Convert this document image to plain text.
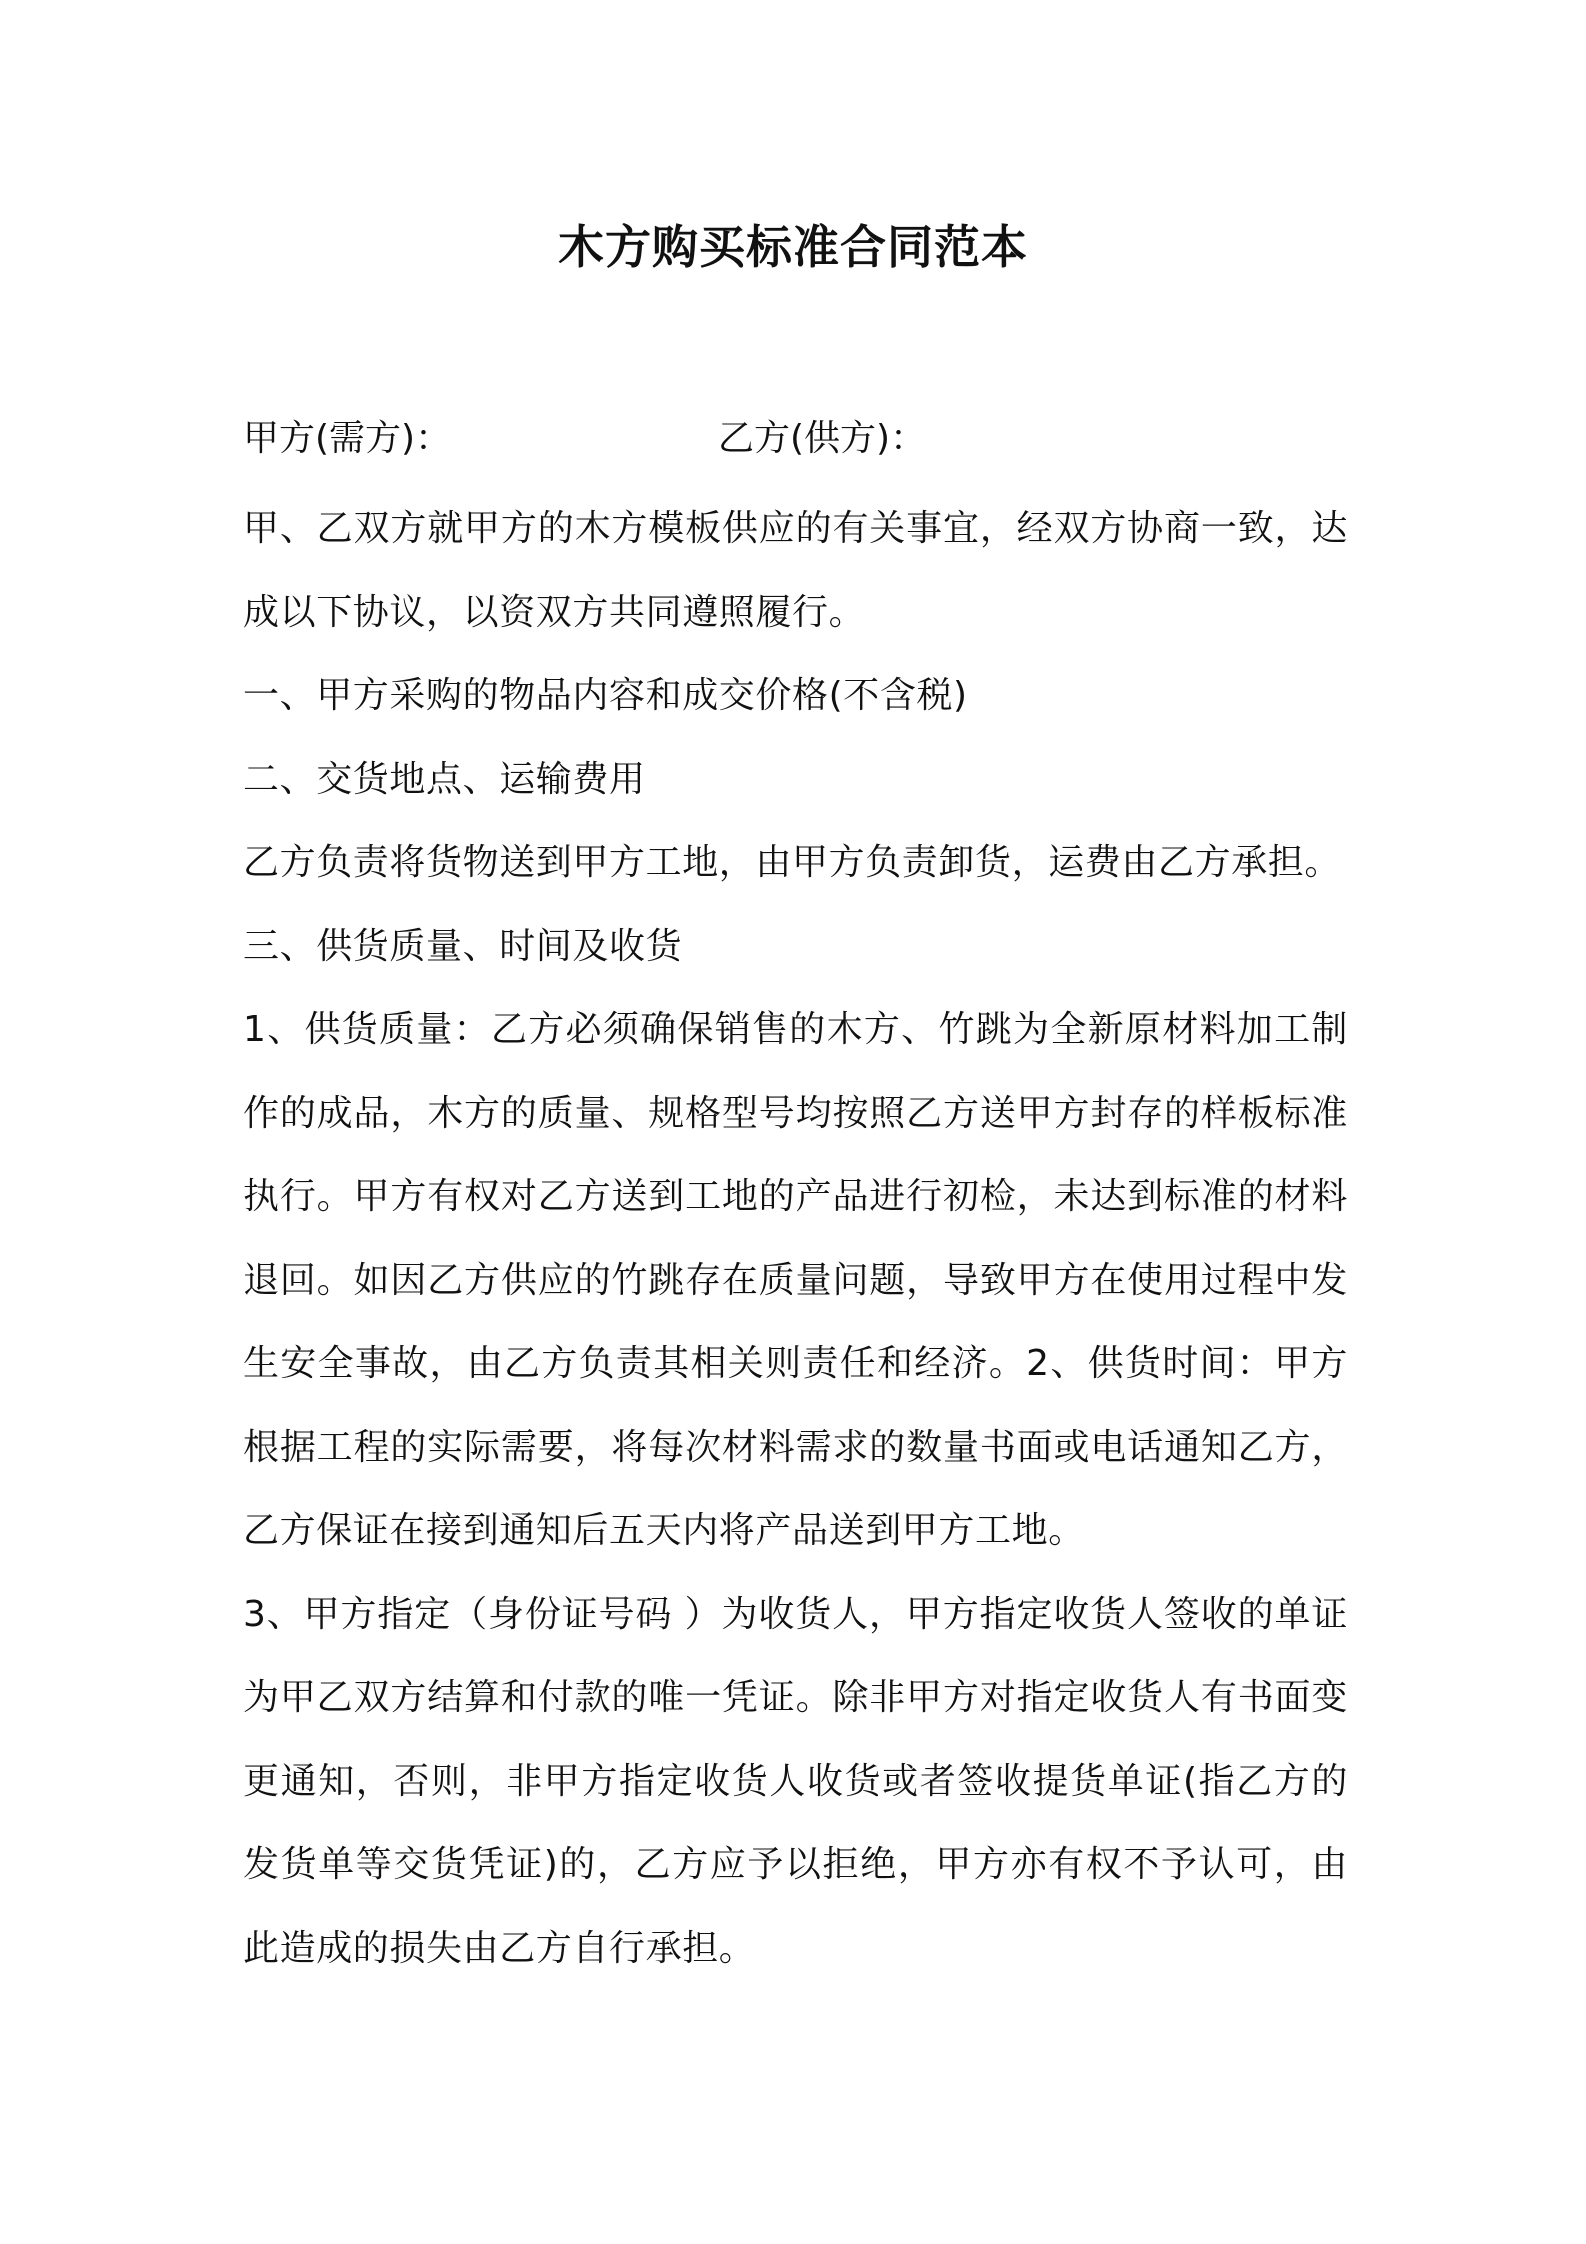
木方购买标准合同范本
甲方(需方)：	乙方(供方)：
甲、乙双方就甲方的木方模板供应的有关事宜，经双方协商一致，达
成以下协议，以资双方共同遵照履行。
一、甲方采购的物品内容和成交价格(不含税)
二、交货地点、运输费用
乙方负责将货物送到甲方工地，由甲方负责卸货，运费由乙方承担。
三、供货质量、时间及收货
1、供货质量：乙方必须确保销售的木方、竹跳为全新原材料加工制
作的成品，木方的质量、规格型号均按照乙方送甲方封存的样板标准
执行。甲方有权对乙方送到工地的产品进行初检，未达到标准的材料
退回。如因乙方供应的竹跳存在质量问题，导致甲方在使用过程中发
生安全事故，由乙方负责其相关则责任和经济。2、供货时间：甲方
根据工程的实际需要，将每次材料需求的数量书面或电话通知乙方，
乙方保证在接到通知后五天内将产品送到甲方工地。
3、甲方指定（身份证号码 ）为收货人，甲方指定收货人签收的单证
为甲乙双方结算和付款的唯一凭证。除非甲方对指定收货人有书面变
更通知，否则，非甲方指定收货人收货或者签收提货单证(指乙方的
发货单等交货凭证)的，乙方应予以拒绝，甲方亦有权不予认可，由
此造成的损失由乙方自行承担。
